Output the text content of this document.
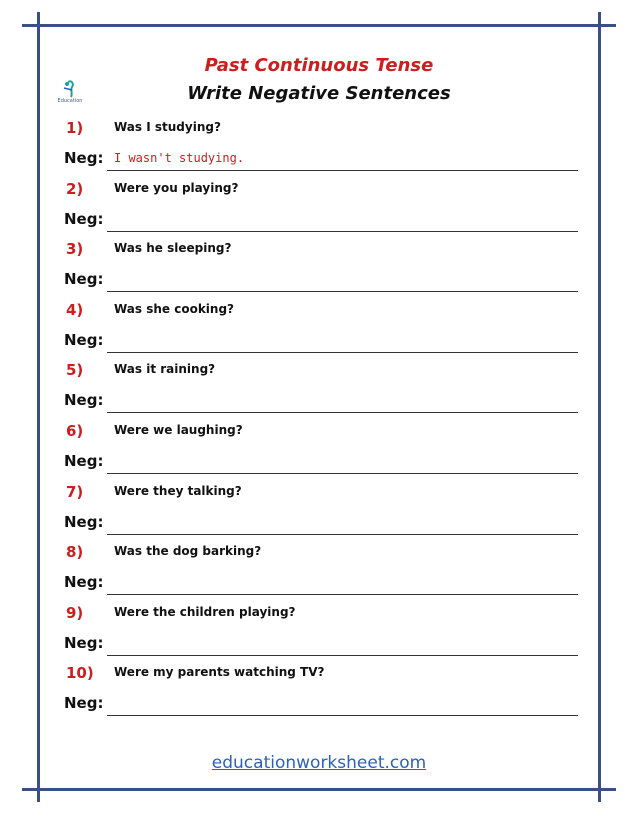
Education
Past Continuous Tense
Write Negative Sentences
1)	Was I studying?
Neg: I wasn't studying.
2)	Were you playing?
Neg:
3)	Was he sleeping?
Neg:
4)	Was she cooking?
Neg:
5)	Was it raining?
Neg:
6)	Were we laughing?
Neg:
7)	Were they talking?
Neg:
8)	Was the dog barking?
Neg:
9)	Were the children playing?
Neg:
10) Were my parents watching TV?
Neg:
educationworksheet.com
